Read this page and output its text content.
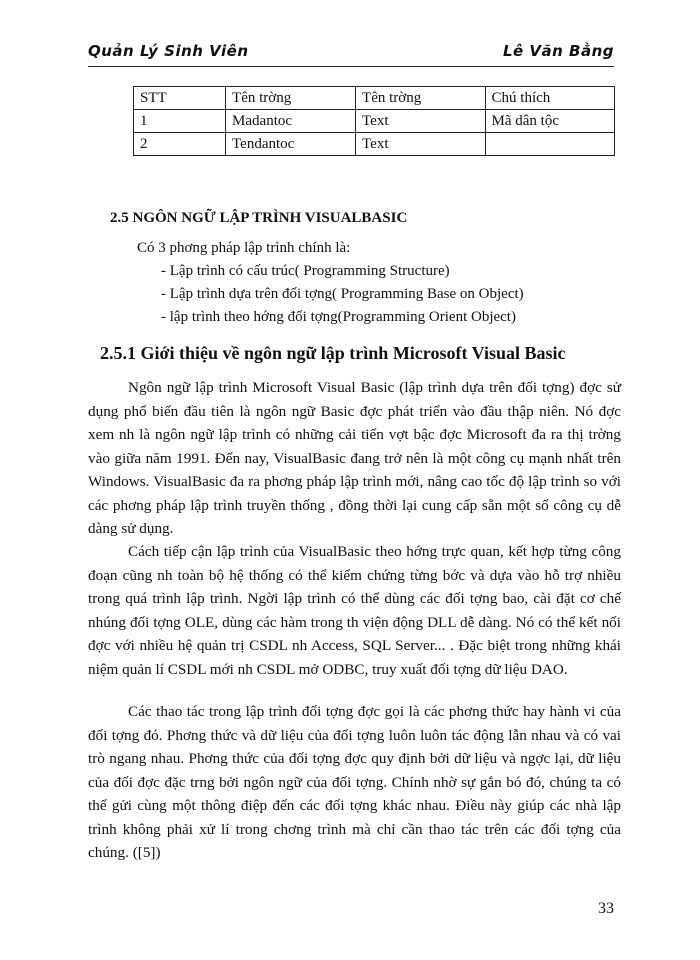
Quản Lý Sinh Viên	Lê Văn Bằng
STT	Tên trờng	Tên trờng	Chú thích
1	Madantoc	Text	Mã dân tộc
2	Tendantoc	Text	
2.5 NGÔN NGỮ LẬP TRÌNH VISUALBASIC
Có 3 phơng pháp lập trình chính là:
- Lập trình có cấu trúc( Programming Structure)
- Lập trình dựa trên đối tợng( Programming Base on Object)
- lập trình theo hớng đối tợng(Programming Orient Object)
2.5.1 Giới thiệu về ngôn ngữ lập trình Microsoft Visual Basic
Ngôn ngữ lập trình Microsoft Visual Basic (lập trình dựa trên đối tợng) đợc sử dụng phổ biến đầu tiên là ngôn ngữ Basic đợc phát triển vào đầu thập niên. Nó đợc xem nh là ngôn ngữ lập trình có những cải tiến vợt bậc đợc Microsoft đa ra thị trờng vào giữa năm 1991. Đến nay, VisualBasic đang trở nên là một công cụ mạnh nhất trên Windows. VisualBasic đa ra phơng pháp lập trình mới, nâng cao tốc độ lập trình so với các phơng pháp lập trình truyền thống , đồng thời lại cung cấp sẵn một số công cụ dễ dàng sử dụng.
Cách tiếp cận lập trình của VisualBasic theo hớng trực quan, kết hợp từng công đoạn cũng nh toàn bộ hệ thống có thể kiểm chứng từng bớc và dựa vào hỗ trợ nhiều trong quá trình lập trình. Ngời lập trình có thể dùng các đối tợng bao, cài đặt cơ chế nhúng đối tợng OLE, dùng các hàm trong th viện động DLL dễ dàng. Nó có thể kết nối đợc với nhiều hệ quản trị CSDL nh Access, SQL Server... . Đặc biệt trong những khái niệm quản lí CSDL mới nh CSDL mở ODBC, truy xuất đối tợng dữ liệu DAO.
Các thao tác trong lập trình đối tợng đợc gọi là các phơng thức hay hành vi của đối tợng đó. Phơng thức và dữ liệu của đối tợng luôn luôn tác động lẫn nhau và có vai trò ngang nhau. Phơng thức của đối tợng đợc quy định bởi dữ liệu và ngợc lại, dữ liệu của đối đợc đặc trng bởi ngôn ngữ của đối tợng. Chính nhờ sự gắn bó đó, chúng ta có thể gửi cùng một thông điệp đến các đối tợng khác nhau. Điều này giúp các nhà lập trình không phải xử lí trong chơng trình mà chỉ cần thao tác trên các đối tợng của chúng. ([5])
33
